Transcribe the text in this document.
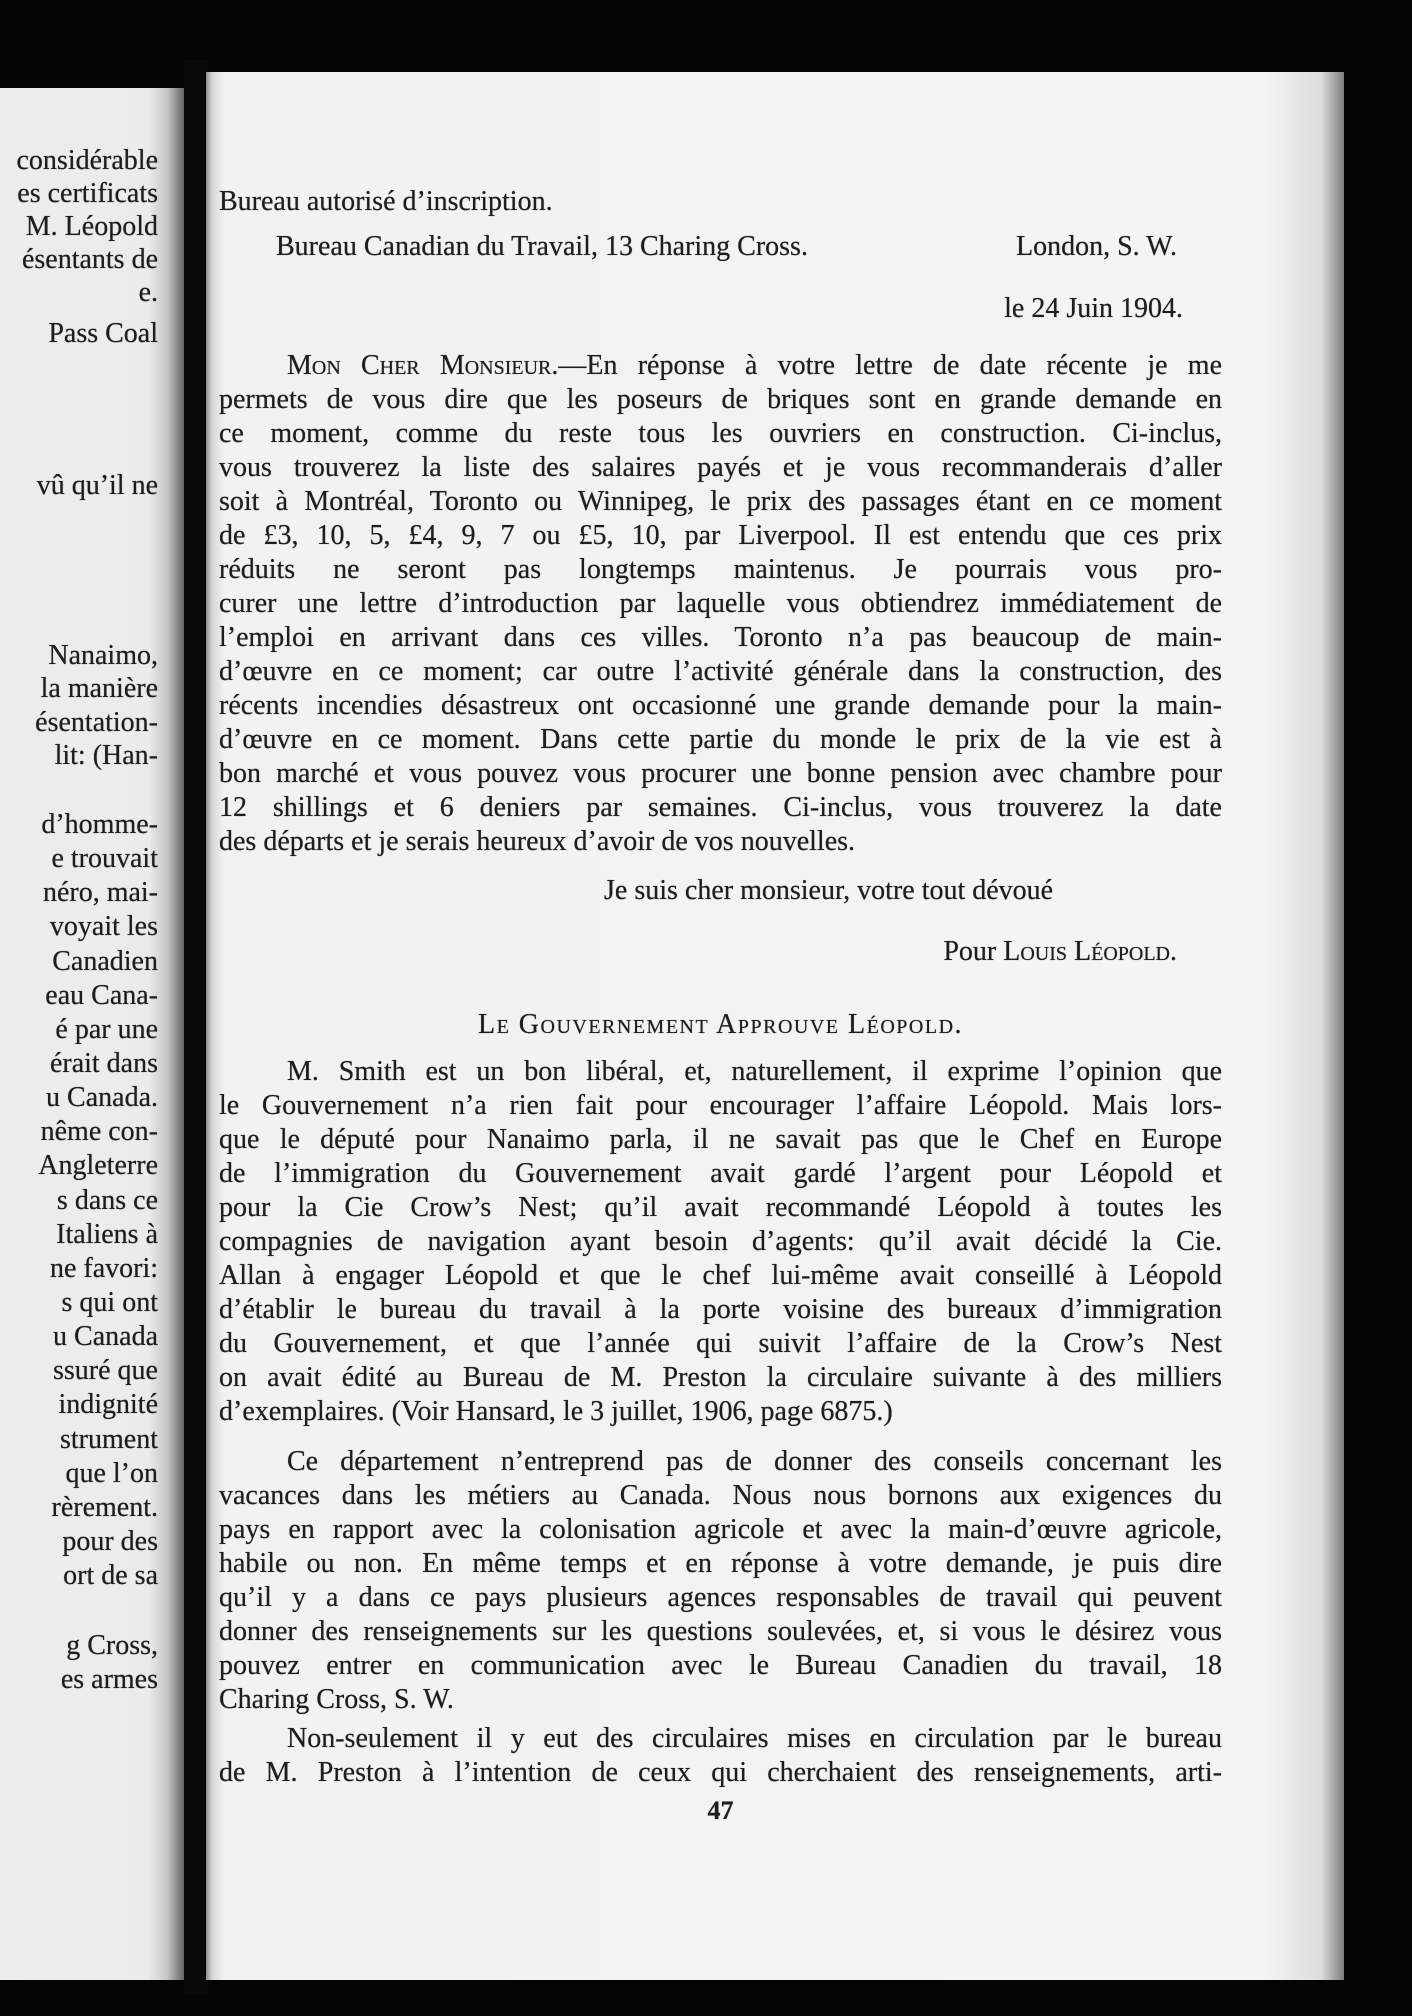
considérable
es certificats
M. Léopold
ésentants de
e.
Pass Coal
vû qu’il ne
Nanaimo,
la manière
ésentation-
lit: (Han-
d’homme-
e trouvait
néro, mai-
voyait les
Canadien
eau Cana-
é par une
érait dans
u Canada.
nême con-
Angleterre
s dans ce
Italiens à
ne favori:
s qui ont
u Canada
ssuré que
indignité
strument
que l’on
rèrement.
pour des
ort de sa
g Cross,
es armes
Bureau autorisé d’inscription.
Bureau Canadian du Travail, 13 Charing Cross.	London, S. W.
le 24 Juin 1904.
Mon Cher Monsieur.—En réponse à votre lettre de date récente je me
permets de vous dire que les poseurs de briques sont en grande demande en
ce moment, comme du reste tous les ouvriers en construction. Ci-inclus,
vous trouverez la liste des salaires payés et je vous recommanderais d’aller
soit à Montréal, Toronto ou Winnipeg, le prix des passages étant en ce moment
de £3, 10, 5, £4, 9, 7 ou £5, 10, par Liverpool. Il est entendu que ces prix
réduits ne seront pas longtemps maintenus. Je pourrais vous pro-
curer une lettre d’introduction par laquelle vous obtiendrez immédiatement de
l’emploi en arrivant dans ces villes. Toronto n’a pas beaucoup de main-
d’œuvre en ce moment; car outre l’activité générale dans la construction, des
récents incendies désastreux ont occasionné une grande demande pour la main-
d’œuvre en ce moment. Dans cette partie du monde le prix de la vie est à
bon marché et vous pouvez vous procurer une bonne pension avec chambre pour
12 shillings et 6 deniers par semaines. Ci-inclus, vous trouverez la date
des départs et je serais heureux d’avoir de vos nouvelles.
Je suis cher monsieur, votre tout dévoué
Pour Louis Léopold.
Le Gouvernement Approuve Léopold.
M. Smith est un bon libéral, et, naturellement, il exprime l’opinion que
le Gouvernement n’a rien fait pour encourager l’affaire Léopold. Mais lors-
que le député pour Nanaimo parla, il ne savait pas que le Chef en Europe
de l’immigration du Gouvernement avait gardé l’argent pour Léopold et
pour la Cie Crow’s Nest; qu’il avait recommandé Léopold à toutes les
compagnies de navigation ayant besoin d’agents: qu’il avait décidé la Cie.
Allan à engager Léopold et que le chef lui-même avait conseillé à Léopold
d’établir le bureau du travail à la porte voisine des bureaux d’immigration
du Gouvernement, et que l’année qui suivit l’affaire de la Crow’s Nest
on avait édité au Bureau de M. Preston la circulaire suivante à des milliers
d’exemplaires. (Voir Hansard, le 3 juillet, 1906, page 6875.)
Ce département n’entreprend pas de donner des conseils concernant les
vacances dans les métiers au Canada. Nous nous bornons aux exigences du
pays en rapport avec la colonisation agricole et avec la main-d’œuvre agricole,
habile ou non. En même temps et en réponse à votre demande, je puis dire
qu’il y a dans ce pays plusieurs agences responsables de travail qui peuvent
donner des renseignements sur les questions soulevées, et, si vous le désirez vous
pouvez entrer en communication avec le Bureau Canadien du travail, 18
Charing Cross, S. W.
Non-seulement il y eut des circulaires mises en circulation par le bureau
de M. Preston à l’intention de ceux qui cherchaient des renseignements, arti-
47
